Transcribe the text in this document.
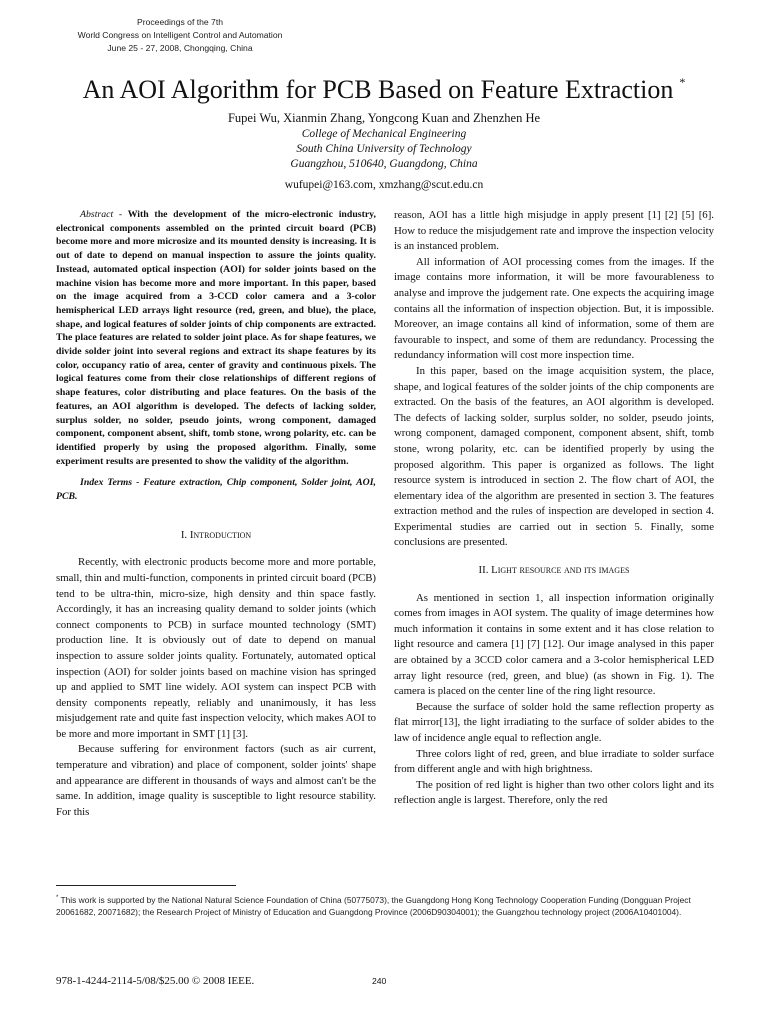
Proceedings of the 7th
World Congress on Intelligent Control and Automation
June 25 - 27, 2008, Chongqing, China
An AOI Algorithm for PCB Based on Feature Extraction *
Fupei Wu, Xianmin Zhang, Yongcong Kuan and Zhenzhen He
College of Mechanical Engineering
South China University of Technology
Guangzhou, 510640, Guangdong, China
wufupei@163.com, xmzhang@scut.edu.cn

Abstract - With the development of the micro-electronic industry, electronical components assembled on the printed circuit board (PCB) become more and more microsize and its mounted density is increasing. It is out of date to depend on manual inspection to assure the joints quality. Instead, automated optical inspection (AOI) for solder joints based on the machine vision has become more and more important. In this paper, based on the image acquired from a 3-CCD color camera and a 3-color hemispherical LED arrays light resource (red, green, and blue), the place, shape, and logical features of solder joints of chip components are extracted. The place features are related to solder joint place. As for shape features, we divide solder joint into several regions and extract its shape features by its color, occupancy ratio of area, center of gravity and continuous pixels. The logical features come from their close relationships of different regions of shape features, color distributing and place features. On the basis of the features, an AOI algorithm is developed. The defects of lacking solder, surplus solder, no solder, pseudo joints, wrong component, damaged component, component absent, shift, tomb stone, wrong polarity, etc. can be identified properly by using the proposed algorithm. Finally, some experiment results are presented to show the validity of the algorithm.

Index Terms - Feature extraction, Chip component, Solder joint, AOI, PCB.

I. Introduction

Recently, with electronic products become more and more portable, small, thin and multi-function, components in printed circuit board (PCB) tend to be ultra-thin, micro-size, high density and thin space fastly. Accordingly, it has an increasing quality demand to solder joints (which connect components to PCB) in surface mounted technology (SMT) production line. It is obviously out of date to depend on manual inspection to assure solder joints quality. Fortunately, automated optical inspection (AOI) for solder joints based on machine vision has springed up and applied to SMT line widely. AOI system can inspect PCB with density components repeatly, reliably and unanimously, it has less misjudgement rate and quite fast inspection velocity, which makes AOI to be more and more important in SMT [1] [3].

Because suffering for environment factors (such as air current, temperature and vibration) and place of component, solder joints' shape and appearance are different in thousands of ways and almost can't be the same. In addition, image quality is susceptible to light resource stability. For this

reason, AOI has a little high misjudge in apply present [1] [2] [5] [6]. How to reduce the misjudgement rate and improve the inspection velocity is an instanced problem.

All information of AOI processing comes from the images. If the image contains more information, it will be more favourableness to analyse and improve the judgement rate. One expects the acquiring image contains all the information of inspection objection. But, it is impossible. Moreover, an image contains all kind of information, some of them are favourable to inspect, and some of them are redundancy. Processing the redundancy information will cost more inspection time.

In this paper, based on the image acquisition system, the place, shape, and logical features of the solder joints of the chip components are extracted. On the basis of the features, an AOI algorithm is developed. The defects of lacking solder, surplus solder, no solder, pseudo joints, wrong component, damaged component, component absent, shift, tomb stone, wrong polarity, etc. can be identified properly by using the proposed algorithm. This paper is organized as follows. The light resource system is introduced in section 2. The flow chart of AOI, the elementary idea of the algorithm are presented in section 3. The features extraction method and the rules of inspection are developed in section 4. Experimental studies are carried out in section 5. Finally, some conclusions are presented.

II. Light resource and its images

As mentioned in section 1, all inspection information originally comes from images in AOI system. The quality of image determines how much information it contains in some extent and it has close relation to light resource and camera [1] [7] [12]. Our image analysed in this paper are obtained by a 3CCD color camera and a 3-color hemispherical LED array light resource (red, green, and blue) (as shown in Fig. 1). The camera is placed on the center line of the ring light resource.

Because the surface of solder hold the same reflection property as flat mirror[13], the light irradiating to the surface of solder abides to the law of incidence angle equal to reflection angle.

Three colors light of red, green, and blue irradiate to solder surface from different angle and with high brightness.

The position of red light is higher than two other colors light and its reflection angle is largest. Therefore, only the red

* This work is supported by the National Natural Science Foundation of China (50775073), the Guangdong Hong Kong Technology Cooperation Funding (Dongguan Project 20061682, 20071682); the Research Project of Ministry of Education and Guangdong Province (2006D90304001); the Guangzhou technology project (2006A10401004).
978-1-4244-2114-5/08/$25.00 © 2008 IEEE.	240
